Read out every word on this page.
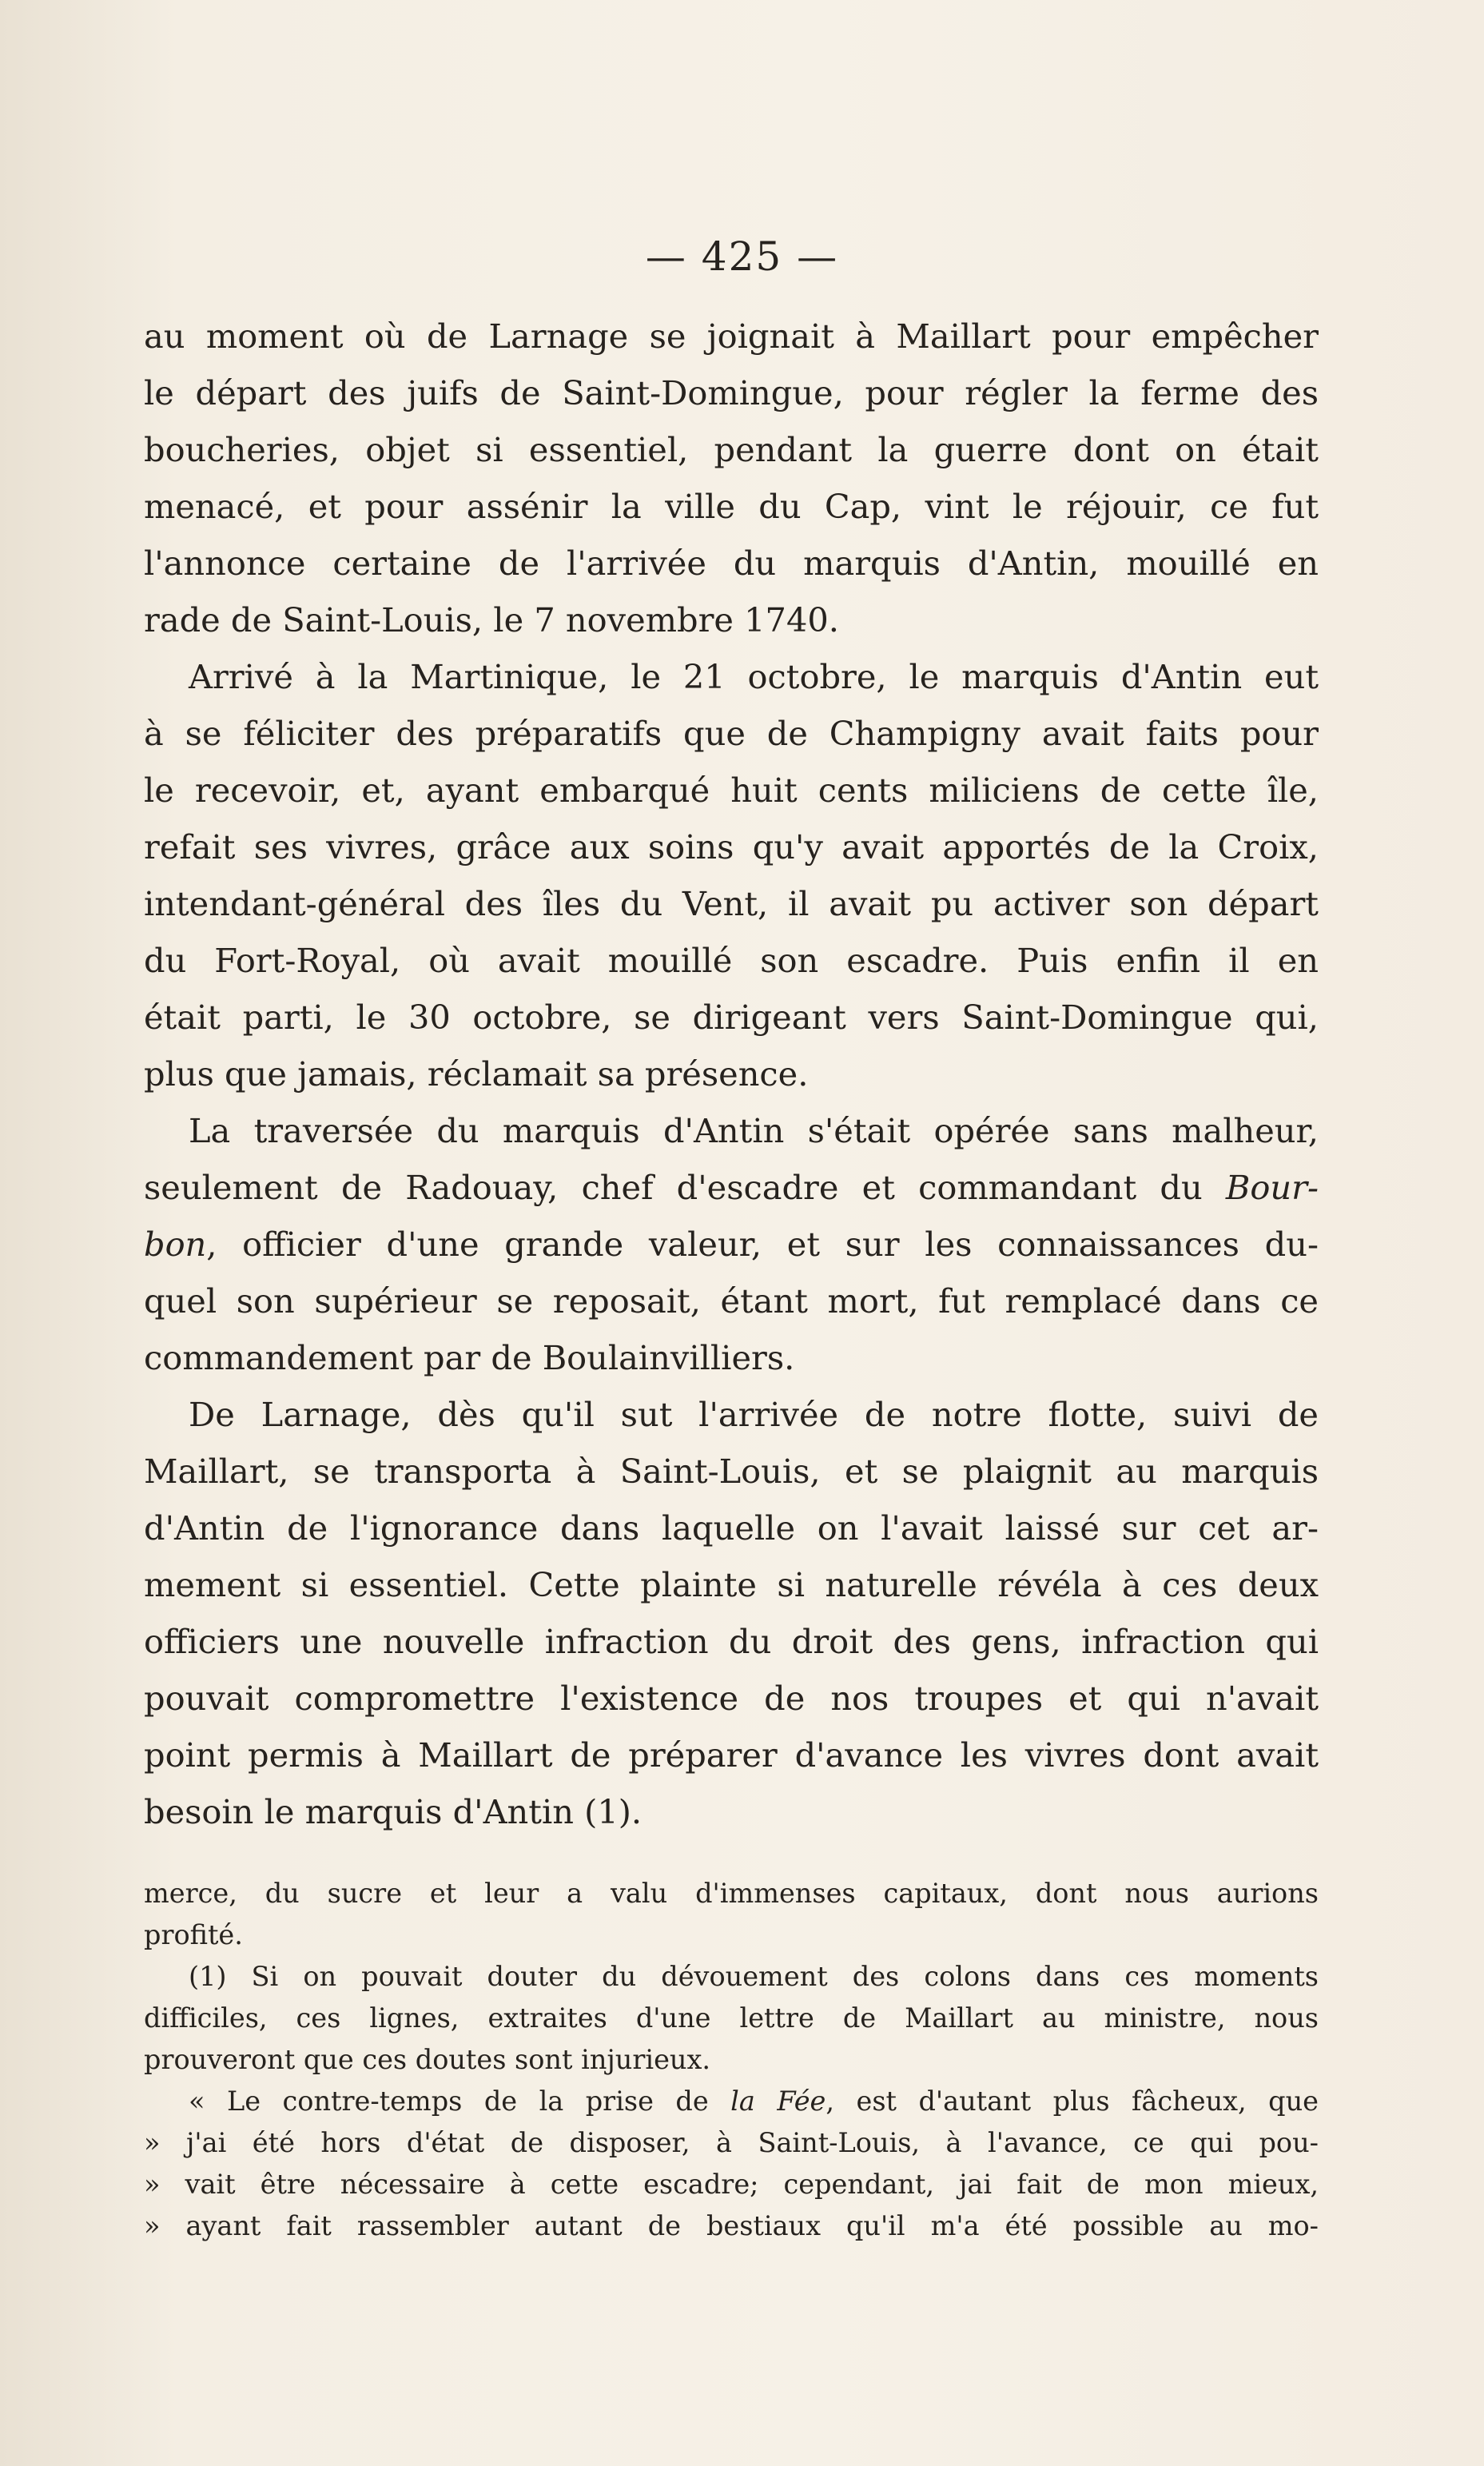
— 425 —

au moment où de Larnage se joignait à Maillart pour empêcher
le départ des juifs de Saint-Domingue, pour régler la ferme des
boucheries, objet si essentiel, pendant la guerre dont on était
menacé, et pour assénir la ville du Cap, vint le réjouir, ce fut
l'annonce certaine de l'arrivée du marquis d'Antin, mouillé en
rade de Saint-Louis, le 7 novembre 1740.

Arrivé à la Martinique, le 21 octobre, le marquis d'Antin eut
à se féliciter des préparatifs que de Champigny avait faits pour
le recevoir, et, ayant embarqué huit cents miliciens de cette île,
refait ses vivres, grâce aux soins qu'y avait apportés de la Croix,
intendant-général des îles du Vent, il avait pu activer son départ
du Fort-Royal, où avait mouillé son escadre. Puis enfin il en
était parti, le 30 octobre, se dirigeant vers Saint-Domingue qui,
plus que jamais, réclamait sa présence.

La traversée du marquis d'Antin s'était opérée sans malheur,
seulement de Radouay, chef d'escadre et commandant du Bour-
bon, officier d'une grande valeur, et sur les connaissances du-
quel son supérieur se reposait, étant mort, fut remplacé dans ce
commandement par de Boulainvilliers.

De Larnage, dès qu'il sut l'arrivée de notre flotte, suivi de
Maillart, se transporta à Saint-Louis, et se plaignit au marquis
d'Antin de l'ignorance dans laquelle on l'avait laissé sur cet ar-
mement si essentiel. Cette plainte si naturelle révéla à ces deux
officiers une nouvelle infraction du droit des gens, infraction qui
pouvait compromettre l'existence de nos troupes et qui n'avait
point permis à Maillart de préparer d'avance les vivres dont avait
besoin le marquis d'Antin (1).

merce, du sucre et leur a valu d'immenses capitaux, dont nous aurions
profité.
(1) Si on pouvait douter du dévouement des colons dans ces moments
difficiles, ces lignes, extraites d'une lettre de Maillart au ministre, nous
prouveront que ces doutes sont injurieux.
« Le contre-temps de la prise de la Fée, est d'autant plus fâcheux, que
» j'ai été hors d'état de disposer, à Saint-Louis, à l'avance, ce qui pou-
» vait être nécessaire à cette escadre; cependant, jai fait de mon mieux,
» ayant fait rassembler autant de bestiaux qu'il m'a été possible au mo-
